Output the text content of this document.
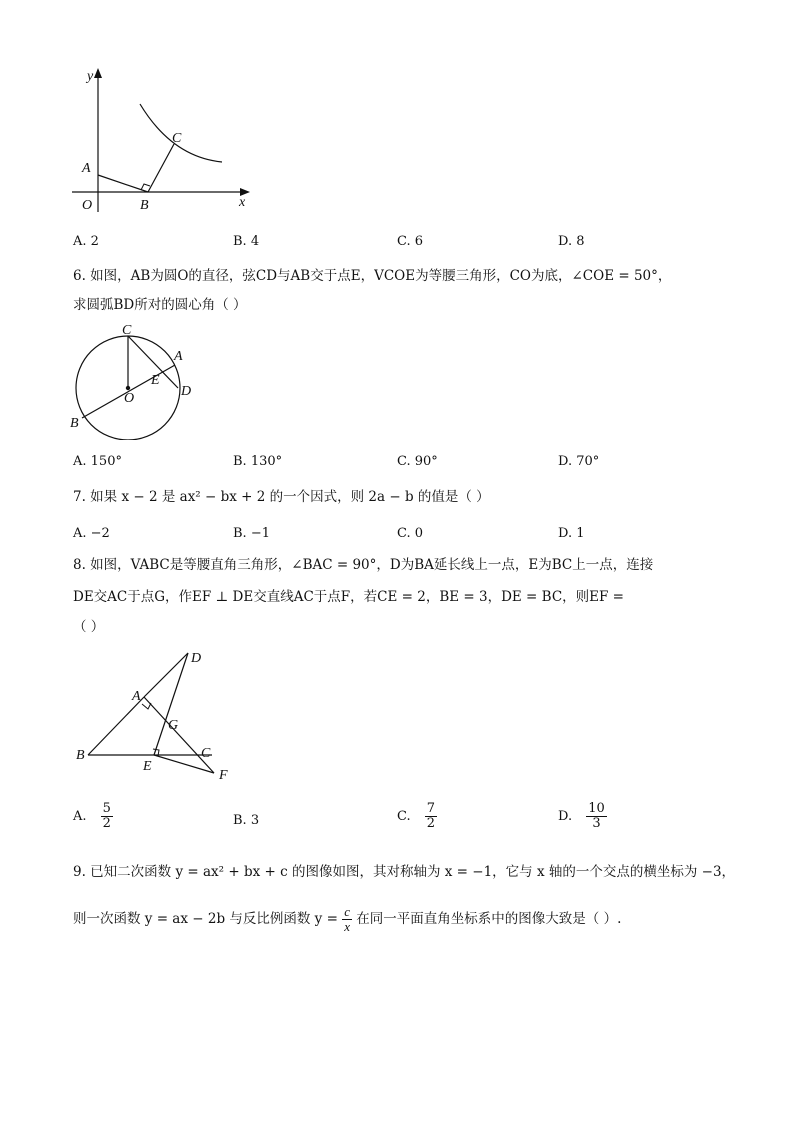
y
x
O
A
B
C
A. 2	B. 4	C. 6	D. 8
6. 如图，AB为圆O的直径，弦CD与AB交于点E，VCOE为等腰三角形，CO为底，∠COE = 50°，
求圆弧BD所对的圆心角（ ）
C
A
E
O	D
B
A. 150°	B. 130°	C. 90°	D. 70°
7. 如果 x − 2 是 ax² − bx + 2 的一个因式，则 2a − b 的值是（ ）
A. −2	B. −1	C. 0	D. 1
8. 如图，VABC是等腰直角三角形，∠BAC = 90°，D为BA延长线上一点，E为BC上一点，连接
DE交AC于点G，作EF ⊥ DE交直线AC于点F，若CE = 2，BE = 3，DE = BC，则EF =
（ ）
D
A
G
B	C
E
F
A. $\frac{5}{2}$	B. 3	C. $\frac{7}{2}$	D. $\frac{10}{3}$
9. 已知二次函数 y = ax² + bx + c 的图像如图，其对称轴为 x = −1，它与 x 轴的一个交点的横坐标为 −3，
则一次函数 y = ax − 2b 与反比例函数 $y = \frac{c}{x}$ 在同一平面直角坐标系中的图像大致是（ ）.
